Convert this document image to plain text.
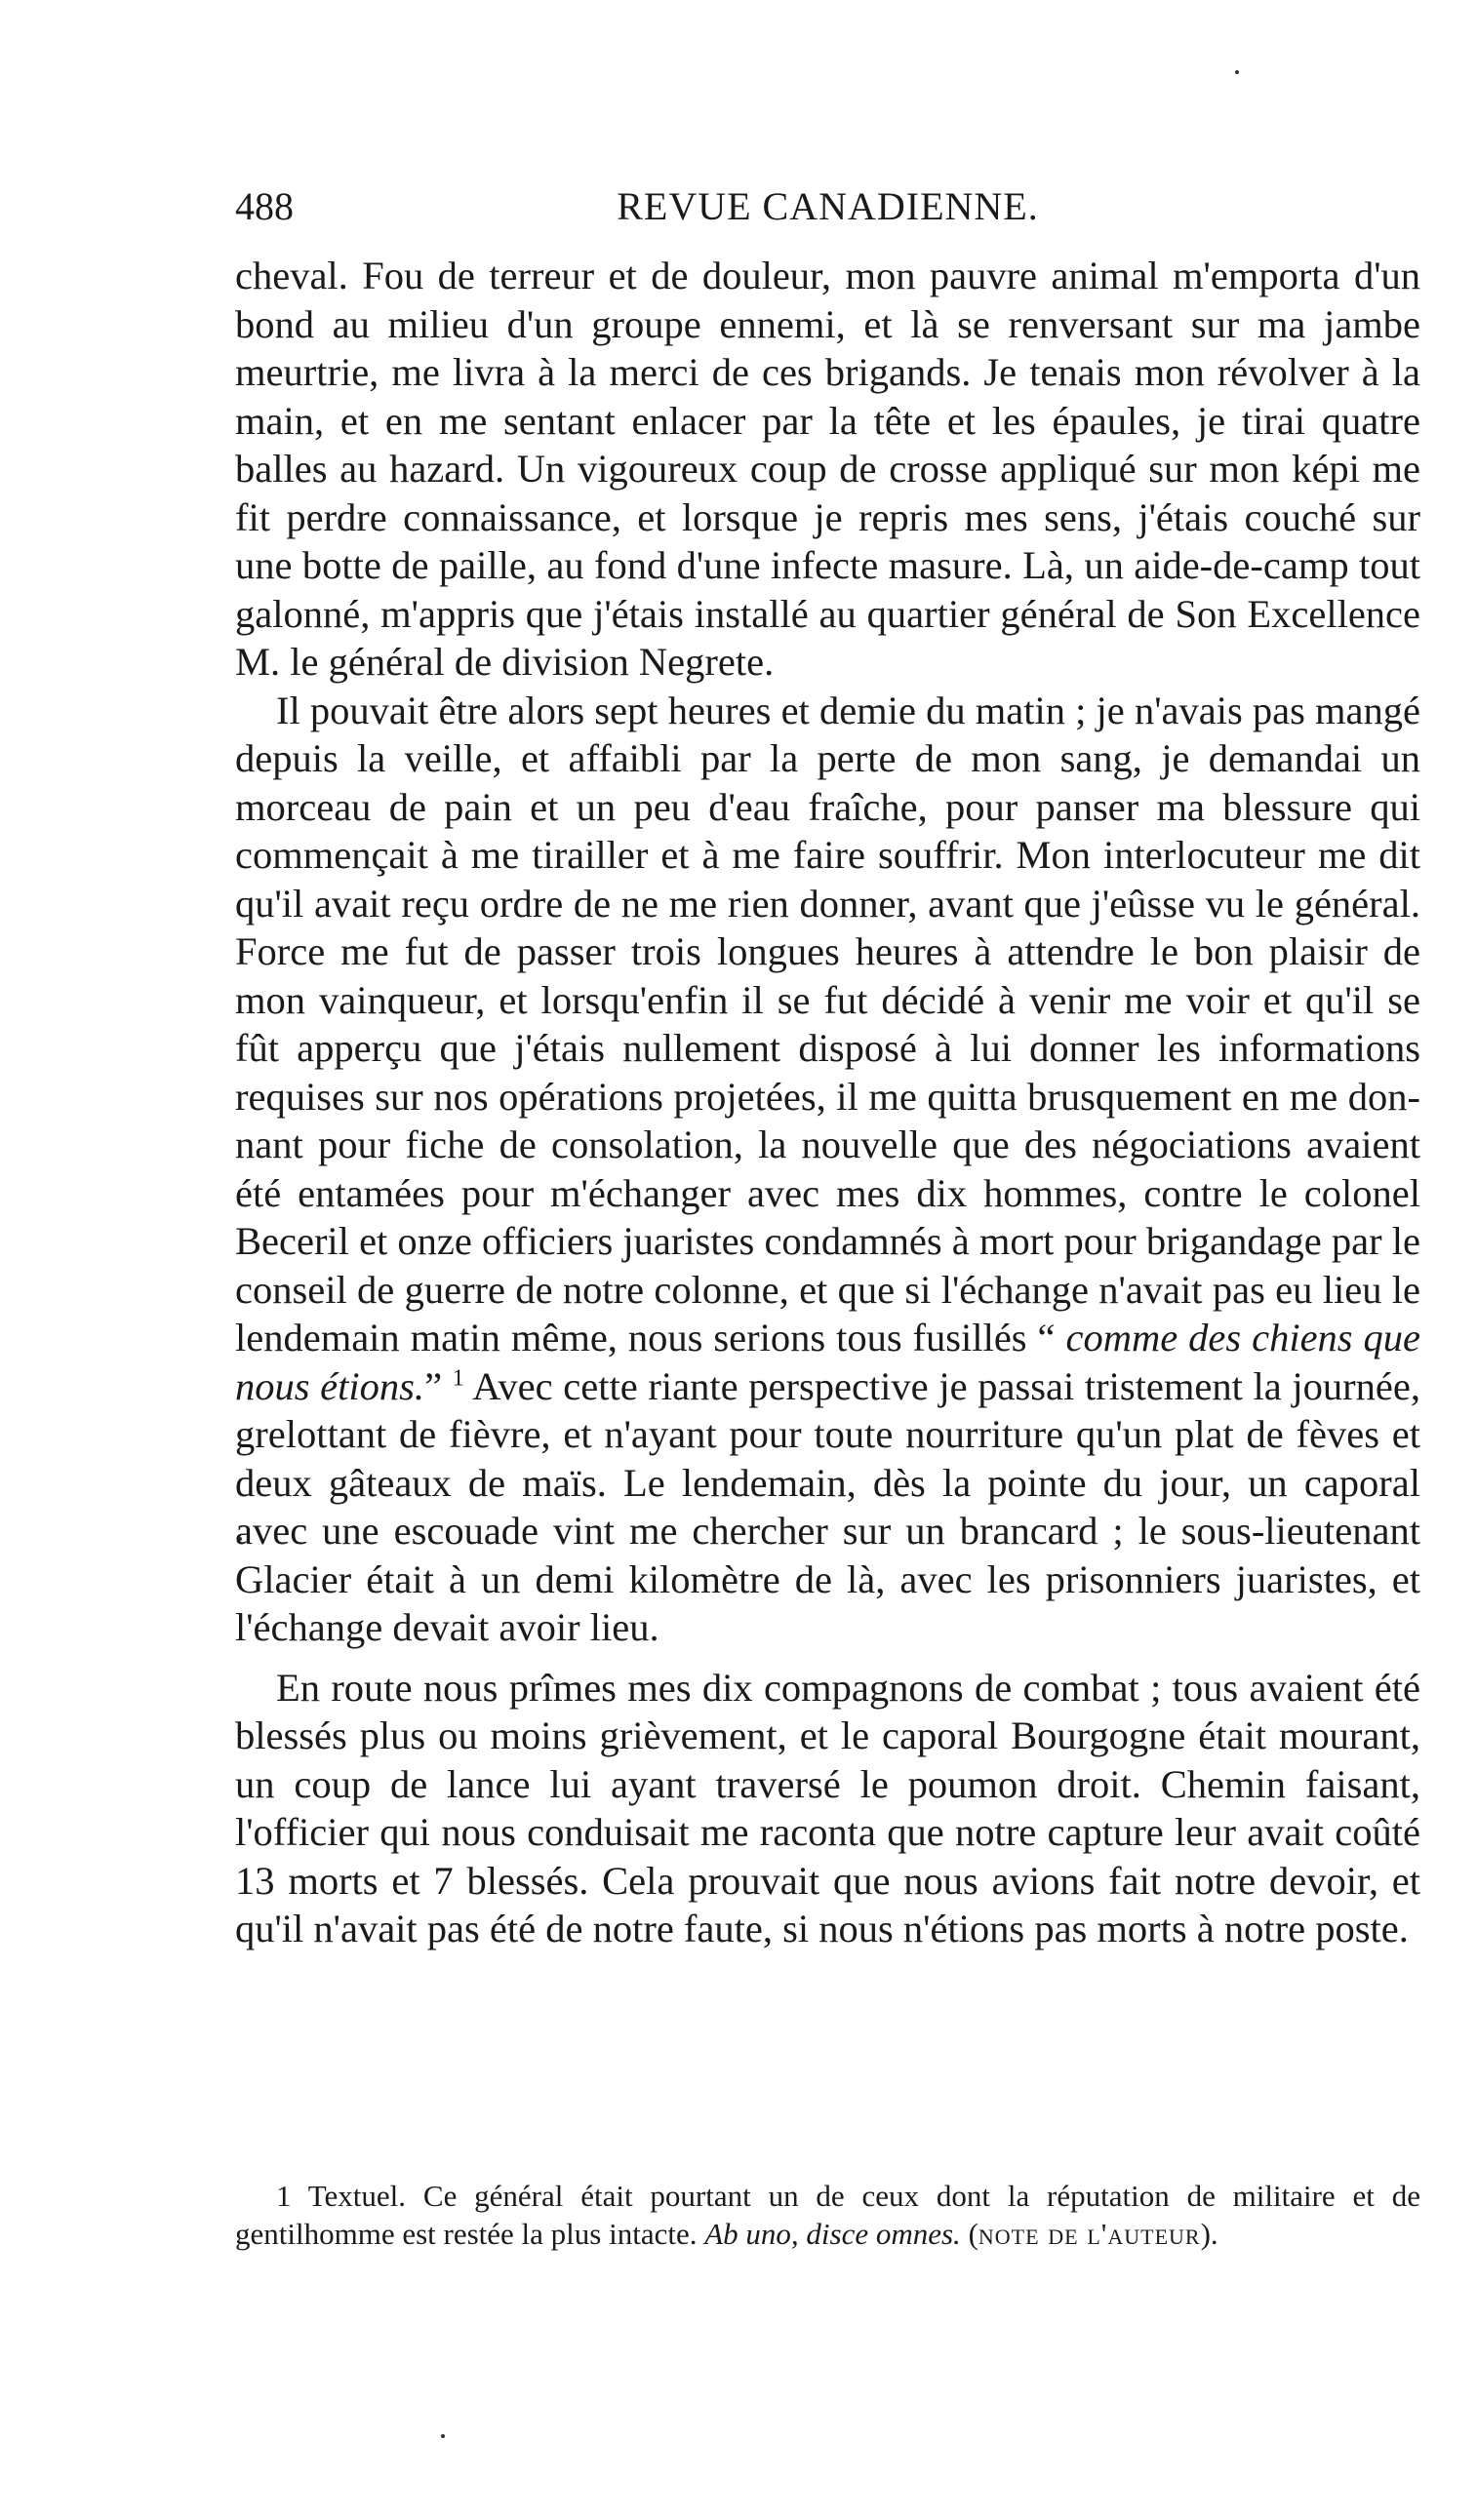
488	REVUE CANADIENNE.

cheval. Fou de terreur et de douleur, mon pauvre animal m'emporta d'un bond au milieu d'un groupe ennemi, et là se renversant sur ma jambe meurtrie, me livra à la merci de ces brigands. Je tenais mon révolver à la main, et en me sentant enlacer par la tête et les épaules, je tirai quatre balles au hazard. Un vigoureux coup de crosse appliqué sur mon képi me fit perdre connaissance, et lorsque je repris mes sens, j'étais couché sur une botte de paille, au fond d'une infecte masure. Là, un aide-de-camp tout galonné, m'appris que j'étais installé au quartier général de Son Excellence M. le général de division Negrete.

Il pouvait être alors sept heures et demie du matin ; je n'avais pas mangé depuis la veille, et affaibli par la perte de mon sang, je demandai un morceau de pain et un peu d'eau fraîche, pour panser ma blessure qui commençait à me tirailler et à me faire souffrir. Mon interlocuteur me dit qu'il avait reçu ordre de ne me rien donner, avant que j'eûsse vu le général. Force me fut de passer trois longues heures à attendre le bon plaisir de mon vainqueur, et lorsqu'enfin il se fut décidé à venir me voir et qu'il se fût apperçu que j'étais nullement disposé à lui donner les informations requises sur nos opérations projetées, il me quitta brusquement en me donnant pour fiche de consolation, la nouvelle que des négociations avaient été entamées pour m'échanger avec mes dix hommes, contre le colonel Beceril et onze officiers juaristes condamnés à mort pour brigandage par le conseil de guerre de notre colonne, et que si l'échange n'avait pas eu lieu le lendemain matin même, nous serions tous fusillés “ comme des chiens que nous étions.” $^1$ Avec cette riante perspective je passai tristement la journée, grelottant de fièvre, et n'ayant pour toute nourriture qu'un plat de fèves et deux gâteaux de maïs. Le lendemain, dès la pointe du jour, un caporal avec une escouade vint me chercher sur un brancard ; le sous-lieutenant Glacier était à un demi kilomètre de là, avec les prisonniers juaristes, et l'échange devait avoir lieu.

En route nous prîmes mes dix compagnons de combat ; tous avaient été blessés plus ou moins grièvement, et le caporal Bourgogne était mourant, un coup de lance lui ayant traversé le poumon droit. Chemin faisant, l'officier qui nous conduisait me raconta que notre capture leur avait coûté 13 morts et 7 blessés. Cela prouvait que nous avions fait notre devoir, et qu'il n'avait pas été de notre faute, si nous n'étions pas morts à notre poste.

1 Textuel. Ce général était pourtant un de ceux dont la réputation de militaire et de gentilhomme est restée la plus intacte. Ab uno, disce omnes. (note de l'auteur).
